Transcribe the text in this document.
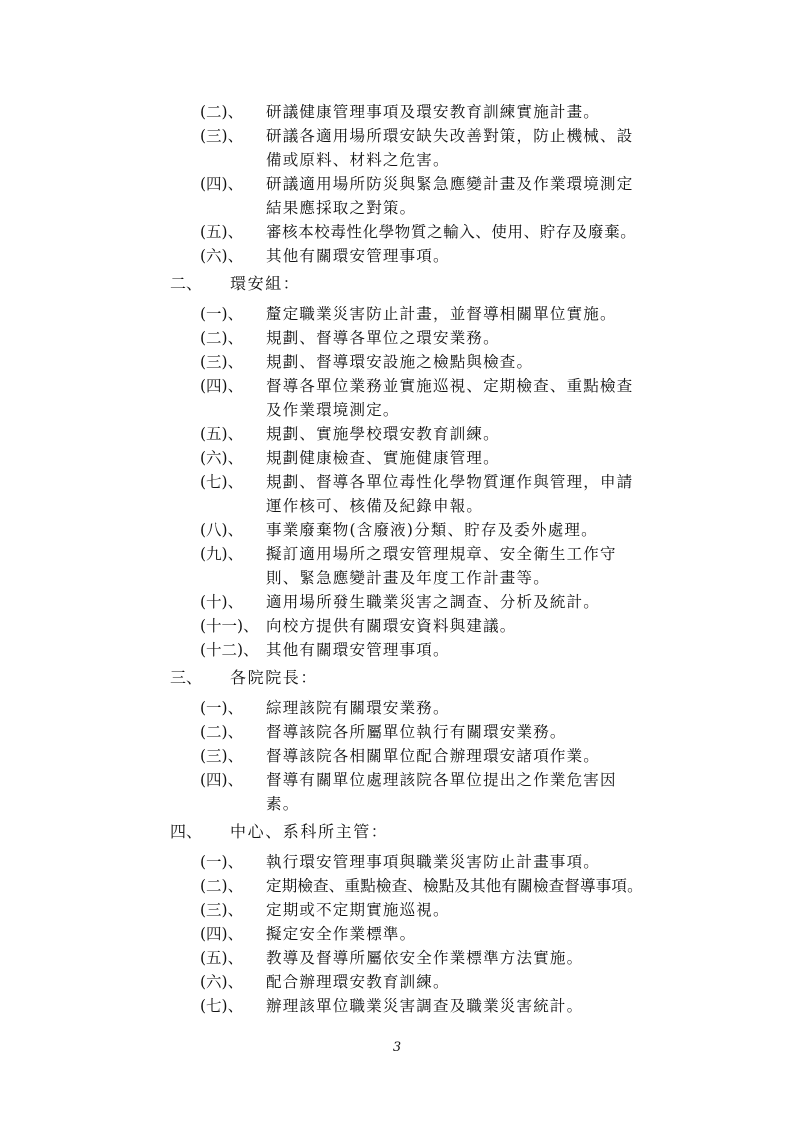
(二)、 研議健康管理事項及環安教育訓練實施計畫。
(三)、 研議各適用場所環安缺失改善對策，防止機械、設
備或原料、材料之危害。
(四)、 研議適用場所防災與緊急應變計畫及作業環境測定
結果應採取之對策。
(五)、 審核本校毒性化學物質之輸入、使用、貯存及廢棄。
(六)、 其他有關環安管理事項。
二、 環安組：
(一)、 釐定職業災害防止計畫，並督導相關單位實施。
(二)、 規劃、督導各單位之環安業務。
(三)、 規劃、督導環安設施之檢點與檢查。
(四)、 督導各單位業務並實施巡視、定期檢查、重點檢查
及作業環境測定。
(五)、 規劃、實施學校環安教育訓練。
(六)、 規劃健康檢查、實施健康管理。
(七)、 規劃、督導各單位毒性化學物質運作與管理，申請
運作核可、核備及紀錄申報。
(八)、 事業廢棄物(含廢液)分類、貯存及委外處理。
(九)、 擬訂適用場所之環安管理規章、安全衛生工作守
則、緊急應變計畫及年度工作計畫等。
(十)、 適用場所發生職業災害之調查、分析及統計。
(十一)、 向校方提供有關環安資料與建議。
(十二)、 其他有關環安管理事項。
三、 各院院長：
(一)、 綜理該院有關環安業務。
(二)、 督導該院各所屬單位執行有關環安業務。
(三)、 督導該院各相關單位配合辦理環安諸項作業。
(四)、 督導有關單位處理該院各單位提出之作業危害因
素。
四、 中心、系科所主管：
(一)、 執行環安管理事項與職業災害防止計畫事項。
(二)、 定期檢查、重點檢查、檢點及其他有關檢查督導事項。
(三)、 定期或不定期實施巡視。
(四)、 擬定安全作業標準。
(五)、 教導及督導所屬依安全作業標準方法實施。
(六)、 配合辦理環安教育訓練。
(七)、 辦理該單位職業災害調查及職業災害統計。
3
